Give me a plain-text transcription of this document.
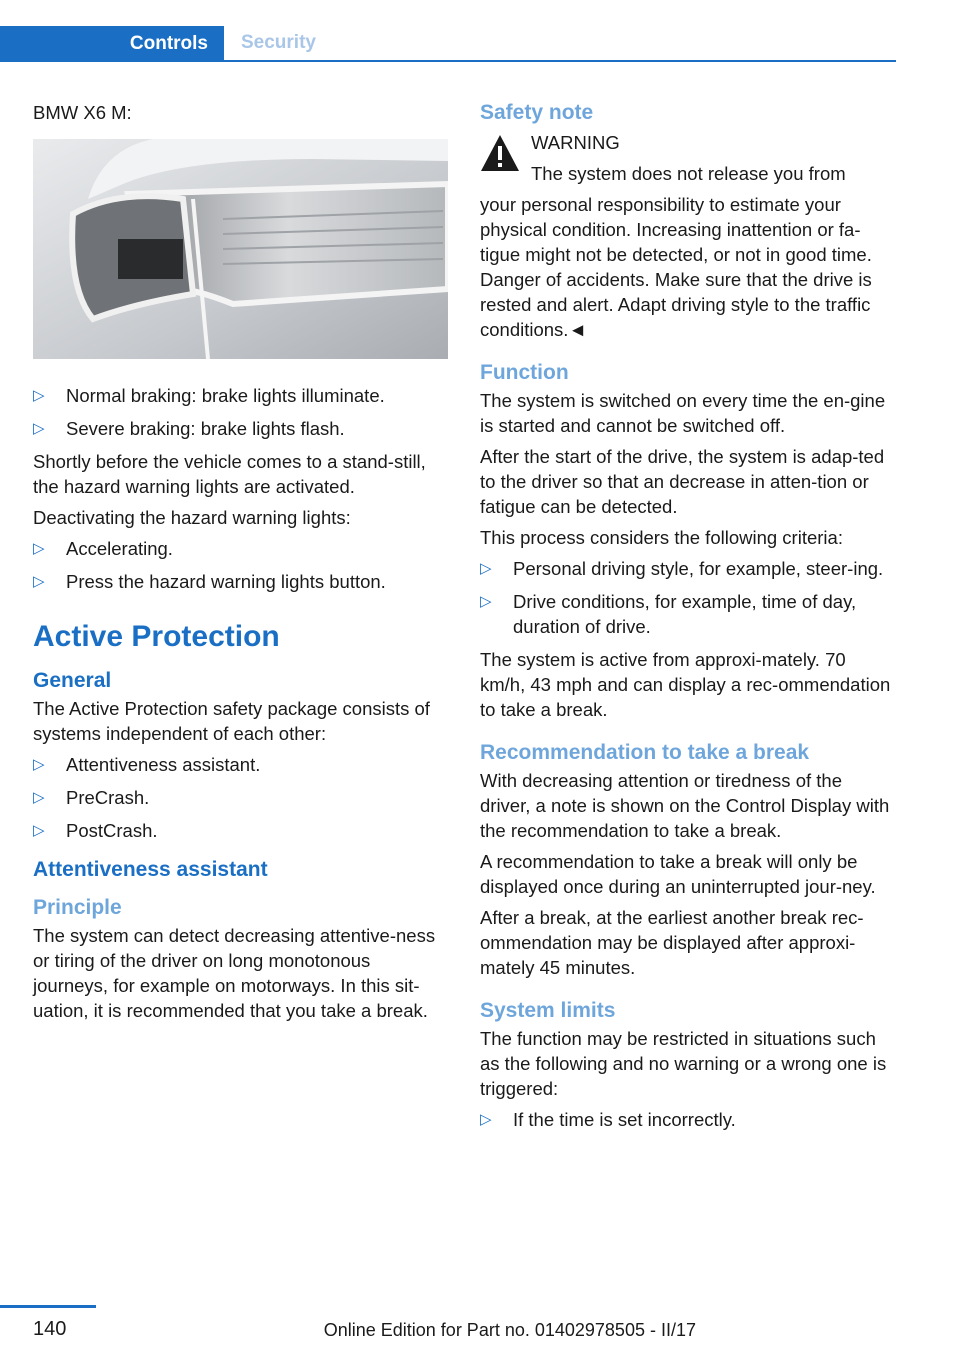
Controls	Security

BMW X6 M:

▷ Normal braking: brake lights illuminate.
▷ Severe braking: brake lights flash.

Shortly before the vehicle comes to a stand‐still, the hazard warning lights are activated.

Deactivating the hazard warning lights:

▷ Accelerating.
▷ Press the hazard warning lights button.
Active Protection
General

The Active Protection safety package consists of systems independent of each other:

▷ Attentiveness assistant.
▷ PreCrash.
▷ PostCrash.
Attentiveness assistant
Principle

The system can detect decreasing attentive‐ness or tiring of the driver on long monotonous journeys, for example on motorways. In this sit‐uation, it is recommended that you take a break.

Safety note

WARNING

The system does not release you from

your personal responsibility to estimate your physical condition. Increasing inattention or fa‐tigue might not be detected, or not in good time. Danger of accidents. Make sure that the drive is rested and alert. Adapt driving style to the traffic conditions.◄

Function

The system is switched on every time the en‐gine is started and cannot be switched off.

After the start of the drive, the system is adap‐ted to the driver so that an decrease in atten‐tion or fatigue can be detected.

This process considers the following criteria:

▷ Personal driving style, for example, steer‐ing.
▷ Drive conditions, for example, time of day, duration of drive.

The system is active from approxi‐mately. 70 km/h, 43 mph and can display a rec‐ommendation to take a break.

Recommendation to take a break

With decreasing attention or tiredness of the driver, a note is shown on the Control Display with the recommendation to take a break.

A recommendation to take a break will only be displayed once during an uninterrupted jour‐ney.

After a break, at the earliest another break rec‐ommendation may be displayed after approxi‐mately 45 minutes.

System limits

The function may be restricted in situations such as the following and no warning or a wrong one is triggered:

▷ If the time is set incorrectly.
140	Online Edition for Part no. 01402978505 - II/17
